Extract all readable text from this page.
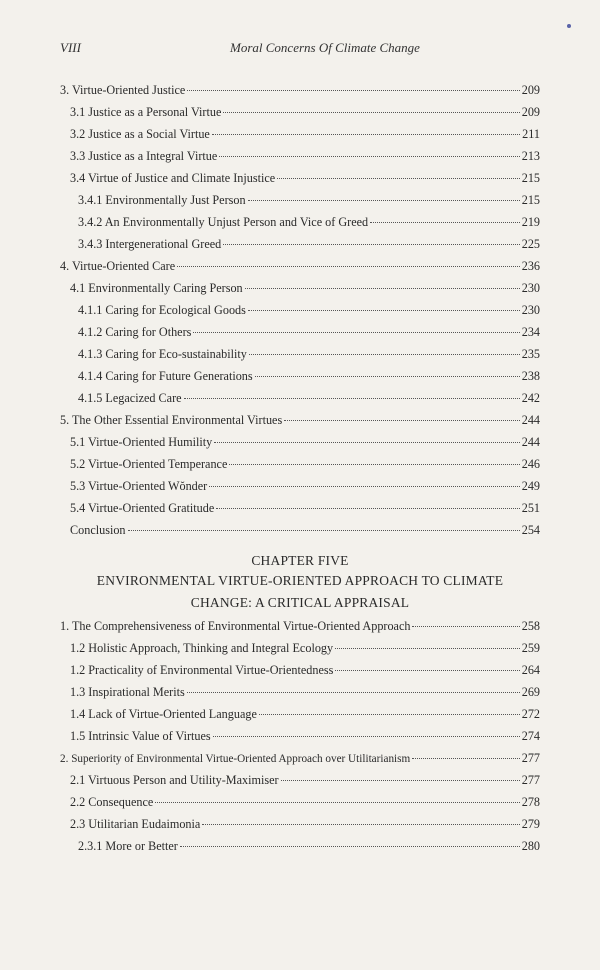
VIII	Moral Concerns Of Climate Change
3. Virtue-Oriented Justice	209
3.1 Justice as a Personal Virtue	209
3.2 Justice as a Social Virtue	211
3.3 Justice as a Integral Virtue	213
3.4 Virtue of Justice and Climate Injustice	215
3.4.1 Environmentally Just Person	215
3.4.2 An Environmentally Unjust Person and Vice of Greed	219
3.4.3 Intergenerational Greed	225
4. Virtue-Oriented Care	236
4.1 Environmentally Caring Person	230
4.1.1 Caring for Ecological Goods	230
4.1.2 Caring for Others	234
4.1.3 Caring for Eco-sustainability	235
4.1.4 Caring for Future Generations	238
4.1.5 Legacized Care	242
5. The Other Essential Environmental Virtues	244
5.1 Virtue-Oriented Humility	244
5.2 Virtue-Oriented Temperance	246
5.3 Virtue-Oriented Wŏnder	249
5.4 Virtue-Oriented Gratitude	251
Conclusion	254
CHAPTER FIVE
ENVIRONMENTAL VIRTUE-ORIENTED APPROACH TO CLIMATE
CHANGE: A CRITICAL APPRAISAL
1. The Comprehensiveness of Environmental Virtue-Oriented Approach	258
1.2 Holistic Approach, Thinking and Integral Ecology	259
1.2 Practicality of Environmental Virtue-Orientedness	264
1.3 Inspirational Merits	269
1.4 Lack of Virtue-Oriented Language	272
1.5 Intrinsic Value of Virtues	274
2. Superiority of Environmental Virtue-Oriented Approach over Utilitarianism	277
2.1 Virtuous Person and Utility-Maximiser	277
2.2 Consequence	278
2.3 Utilitarian Eudaimonia	279
2.3.1 More or Better	280
